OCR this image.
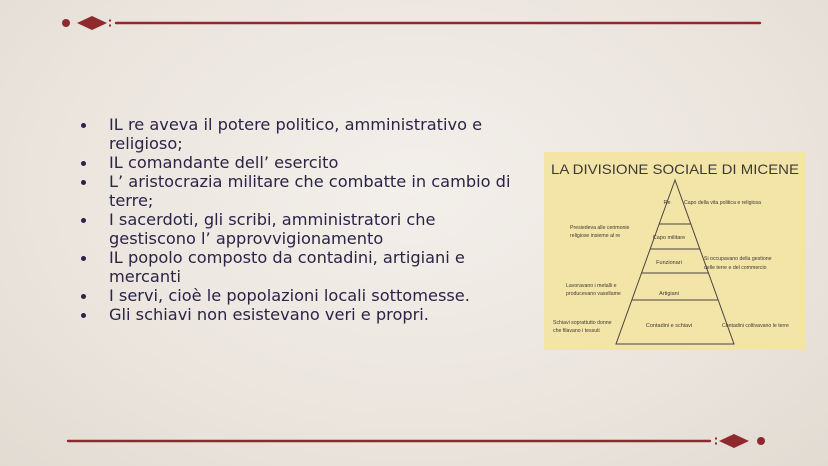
IL re aveva il potere politico, amministrativo e
religioso;
IL comandante dell’ esercito
L’ aristocrazia militare che combatte in cambio di
terre;
I sacerdoti, gli scribi, amministratori che
gestiscono l’ approvvigionamento
IL popolo composto da contadini, artigiani e
mercanti
I servi, cioè le popolazioni locali sottomesse.
Gli schiavi non esistevano veri e propri.
LA DIVISIONE SOCIALE DI MICENE
Re
Capo militare
Funzionari
Artigiani
Contadini e schiavi
Capo della vita politica e religiosa
Si occupavano della gestione
delle terre e del commercio
Contadini coltivavano le terre
Presiedeva alle cerimonie
religiose insieme al re
Lavoravano i metalli e
producevano vasellame
Schiavi soprattutto donne
che filavano i tessuti
